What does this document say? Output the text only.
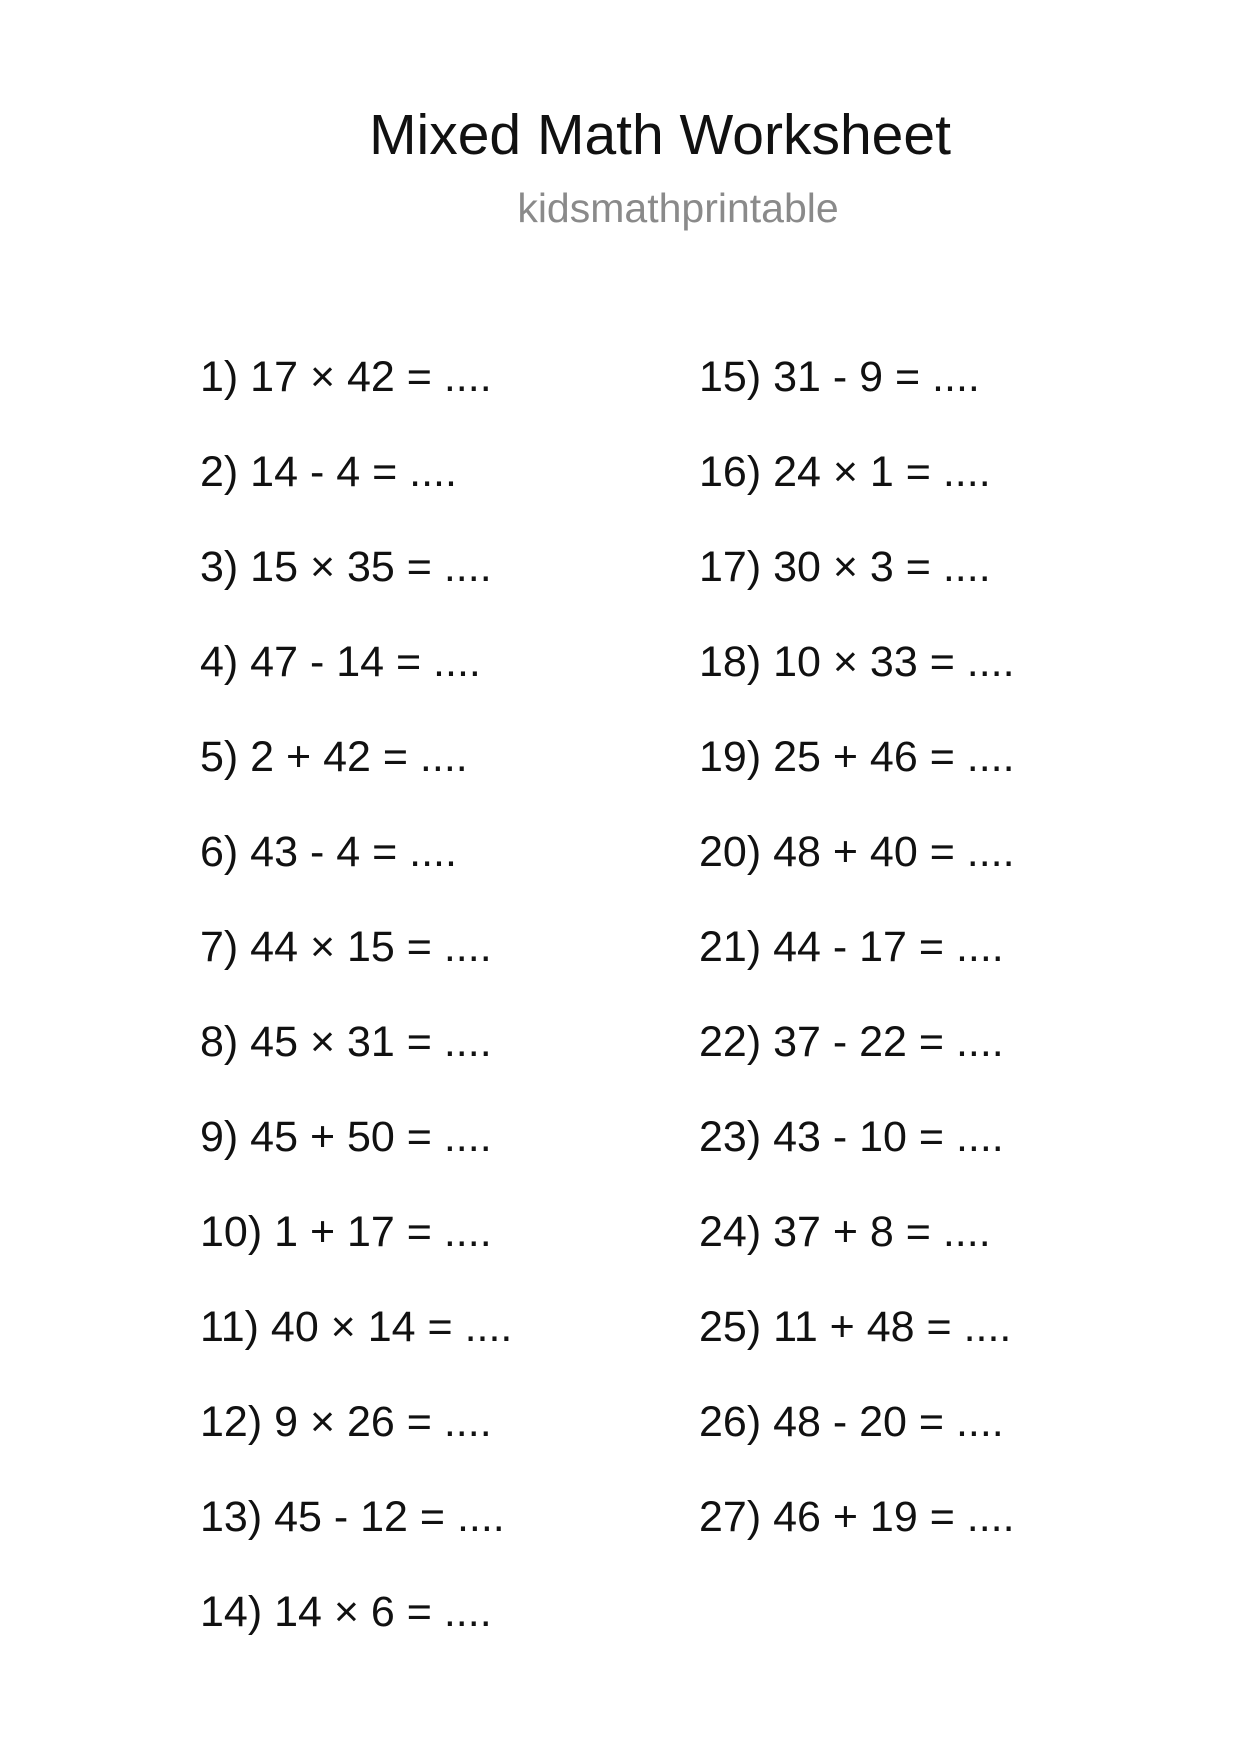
Mixed Math Worksheet
kidsmathprintable
1) 17 × 42 = ....
2) 14 - 4 = ....
3) 15 × 35 = ....
4) 47 - 14 = ....
5) 2 + 42 = ....
6) 43 - 4 = ....
7) 44 × 15 = ....
8) 45 × 31 = ....
9) 45 + 50 = ....
10) 1 + 17 = ....
11) 40 × 14 = ....
12) 9 × 26 = ....
13) 45 - 12 = ....
14) 14 × 6 = ....
15) 31 - 9 = ....
16) 24 × 1 = ....
17) 30 × 3 = ....
18) 10 × 33 = ....
19) 25 + 46 = ....
20) 48 + 40 = ....
21) 44 - 17 = ....
22) 37 - 22 = ....
23) 43 - 10 = ....
24) 37 + 8 = ....
25) 11 + 48 = ....
26) 48 - 20 = ....
27) 46 + 19 = ....
